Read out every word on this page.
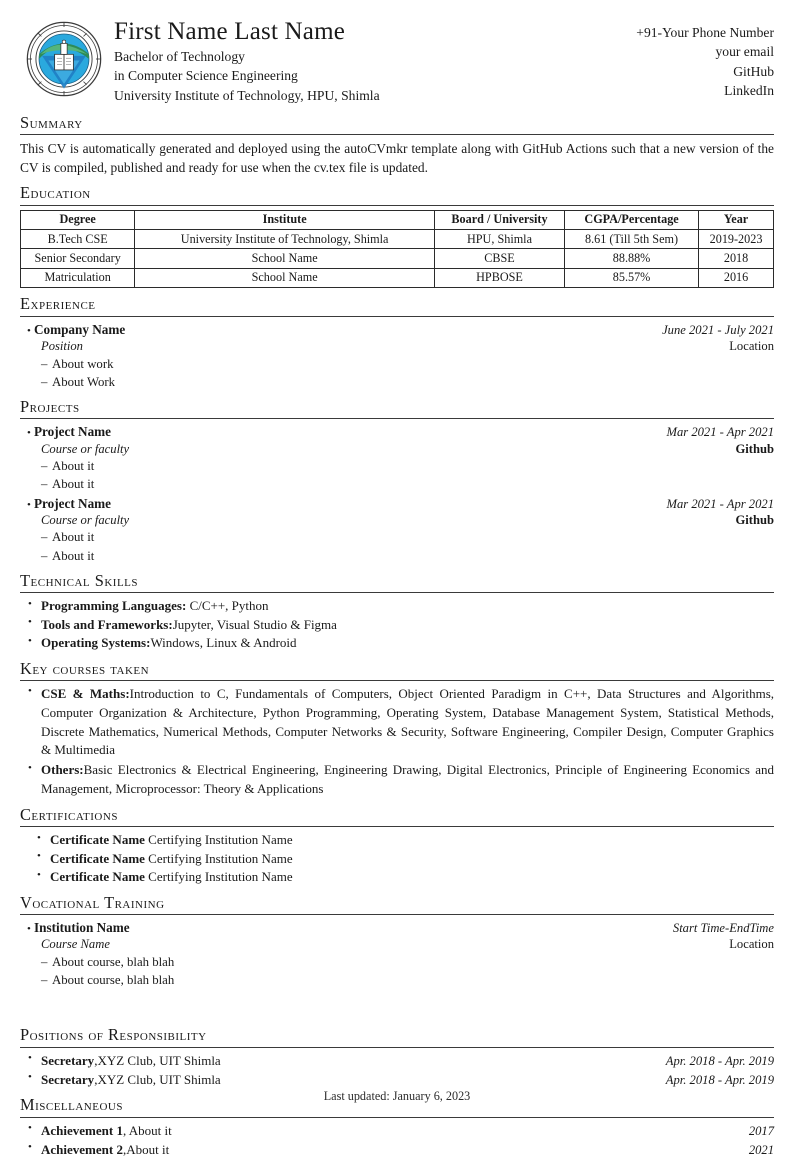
First Name Last Name
Bachelor of Technology
in Computer Science Engineering
University Institute of Technology, HPU, Shimla
+91-Your Phone Number
your email
GitHub
LinkedIn
Summary
This CV is automatically generated and deployed using the autoCVmkr template along with GitHub Actions such that a new version of the CV is compiled, published and ready for use when the cv.tex file is updated.
Education
Degree	Institute	Board / University	CGPA/Percentage	Year
B.Tech CSE	University Institute of Technology, Shimla	HPU, Shimla	8.61 (Till 5th Sem)	2019-2023
Senior Secondary	School Name	CBSE	88.88%	2018
Matriculation	School Name	HPBOSE	85.57%	2016
Experience
• Company Name	June 2021 - July 2021
Position	Location
– About work
– About Work
Projects
• Project Name	Mar 2021 - Apr 2021
Course or faculty	Github
– About it
– About it
• Project Name	Mar 2021 - Apr 2021
Course or faculty	Github
– About it
– About it
Technical Skills
• Programming Languages: C/C++, Python
• Tools and Frameworks:Jupyter, Visual Studio & Figma
• Operating Systems:Windows, Linux & Android
Key courses taken
• CSE & Maths:Introduction to C, Fundamentals of Computers, Object Oriented Paradigm in C++, Data Structures and Algorithms, Computer Organization & Architecture, Python Programming, Operating System, Database Management System, Statistical Methods, Discrete Mathematics, Numerical Methods, Computer Networks & Security, Software Engineering, Compiler Design, Computer Graphics & Multimedia
• Others:Basic Electronics & Electrical Engineering, Engineering Drawing, Digital Electronics, Principle of Engineering Economics and Management, Microprocessor: Theory & Applications
Certifications
• Certificate Name Certifying Institution Name
• Certificate Name Certifying Institution Name
• Certificate Name Certifying Institution Name
Vocational Training
• Institution Name	Start Time-EndTime
Course Name	Location
– About course, blah blah
– About course, blah blah
Positions of Responsibility
• Secretary,XYZ Club, UIT Shimla	Apr. 2018 - Apr. 2019
• Secretary,XYZ Club, UIT Shimla	Apr. 2018 - Apr. 2019
Miscellaneous
• Achievement 1, About it	2017
• Achievement 2,About it	2021
Last updated: January 6, 2023
